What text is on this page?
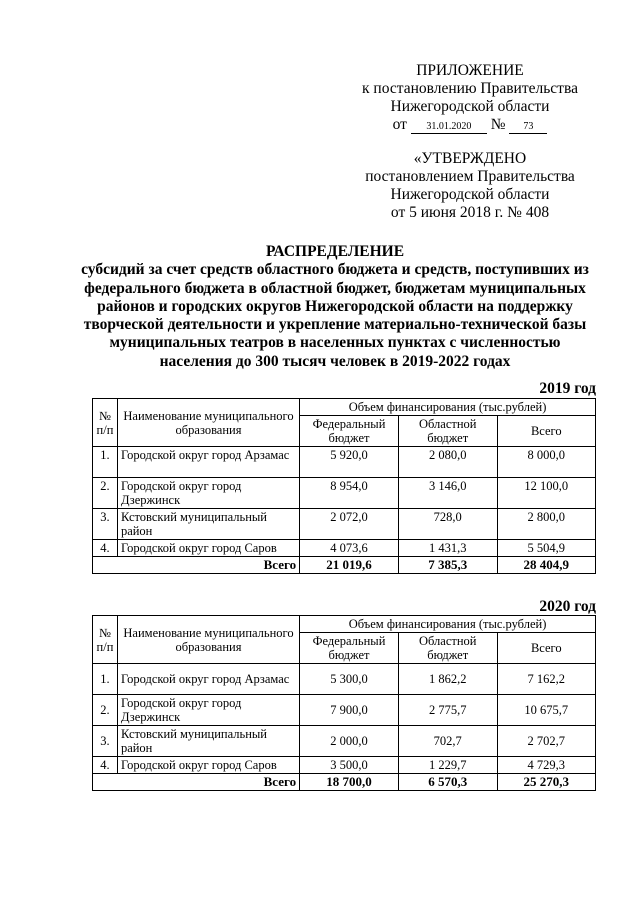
ПРИЛОЖЕНИЕ
к постановлению Правительства
Нижегородской области
от 31.01.2020 № 73
«УТВЕРЖДЕНО
постановлением Правительства
Нижегородской области
от 5 июня 2018 г. № 408
РАСПРЕДЕЛЕНИЕ
субсидий за счет средств областного бюджета и средств, поступивших из
федерального бюджета в областной бюджет, бюджетам муниципальных
районов и городских округов Нижегородской области на поддержку
творческой деятельности и укрепление материально-технической базы
муниципальных театров в населенных пунктах с численностью
населения до 300 тысяч человек в 2019-2022 годах
2019 год
№ п/п	Наименование муниципального образования	Объем финансирования (тыс.рублей)		
		Федеральный бюджет	Областной бюджет	Всего
1.	Городской округ город Арзамас	5 920,0	2 080,0	8 000,0
2.	Городской округ город Дзержинск	8 954,0	3 146,0	12 100,0
3.	Кстовский муниципальный район	2 072,0	728,0	2 800,0
4.	Городской округ город Саров	4 073,6	1 431,3	5 504,9
Всего		21 019,6	7 385,3	28 404,9
2020 год
№ п/п	Наименование муниципального образования	Объем финансирования (тыс.рублей)		
		Федеральный бюджет	Областной бюджет	Всего
1.	Городской округ город Арзамас	5 300,0	1 862,2	7 162,2
2.	Городской округ город Дзержинск	7 900,0	2 775,7	10 675,7
3.	Кстовский муниципальный район	2 000,0	702,7	2 702,7
4.	Городской округ город Саров	3 500,0	1 229,7	4 729,3
Всего		18 700,0	6 570,3	25 270,3
